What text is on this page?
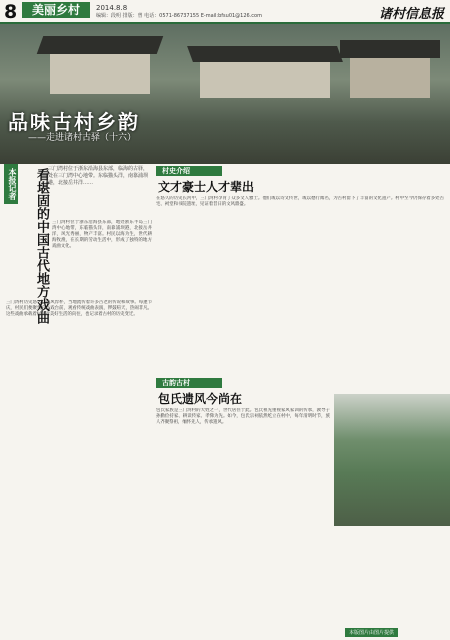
8	美丽乡村	2014.8.8
编辑：段明 排版：曾 电话：0571-86737155 E-mail:bfsu01@126.com	诸村信息报
品味古村乡韵
——走进诸村古驿（十六）
本报记者	看堪固的中国古代地方戏曲 三门湾村位于浙东沿海县东部，临海的古驿，处在三门湾中心地带。东临猫头洋，南靠浦坝港，北接岳井洋……
三门湾村位于浙东沿海县东部，地处浙东半岛三门湾中心地带，东临猫头洋，南靠浦坝港，北接岳井洋，风光秀丽，物产丰富。村民以海为生，世代耕海牧渔，在长期的劳动生活中，形成了独特的地方戏曲文化。
三门湾村历史悠久，民风淳朴，当地流传着许多古老的传说和故事。每逢节庆，村民们便聚集在古戏台前，观看传统戏曲表演，锣鼓喧天，热闹非凡。这些戏曲承载着村民对美好生活的向往，也记录着古村的历史变迁。
村史介绍
文才豪士人才辈出
在悠久的历史长河中，三门湾村孕育了众多文人雅士。他们或以诗文传世，或以德行闻名，为古村留下了丰富的文化遗产。村中至今仍保存着多处古宅、祠堂和书院遗址，见证着昔日的文风鼎盛。
古韵古村
包氏遗风今尚在
包氏家族是三门湾村的大姓之一，世代居住于此。包氏祖先重视家风家训的传承，教导子孙勤俭持家、耕读传家、孝悌为先。如今，包氏宗祠依然屹立在村中，每年清明时节，族人齐聚祭祖，缅怀先人，传承遗风。
本版图片由图片提供
